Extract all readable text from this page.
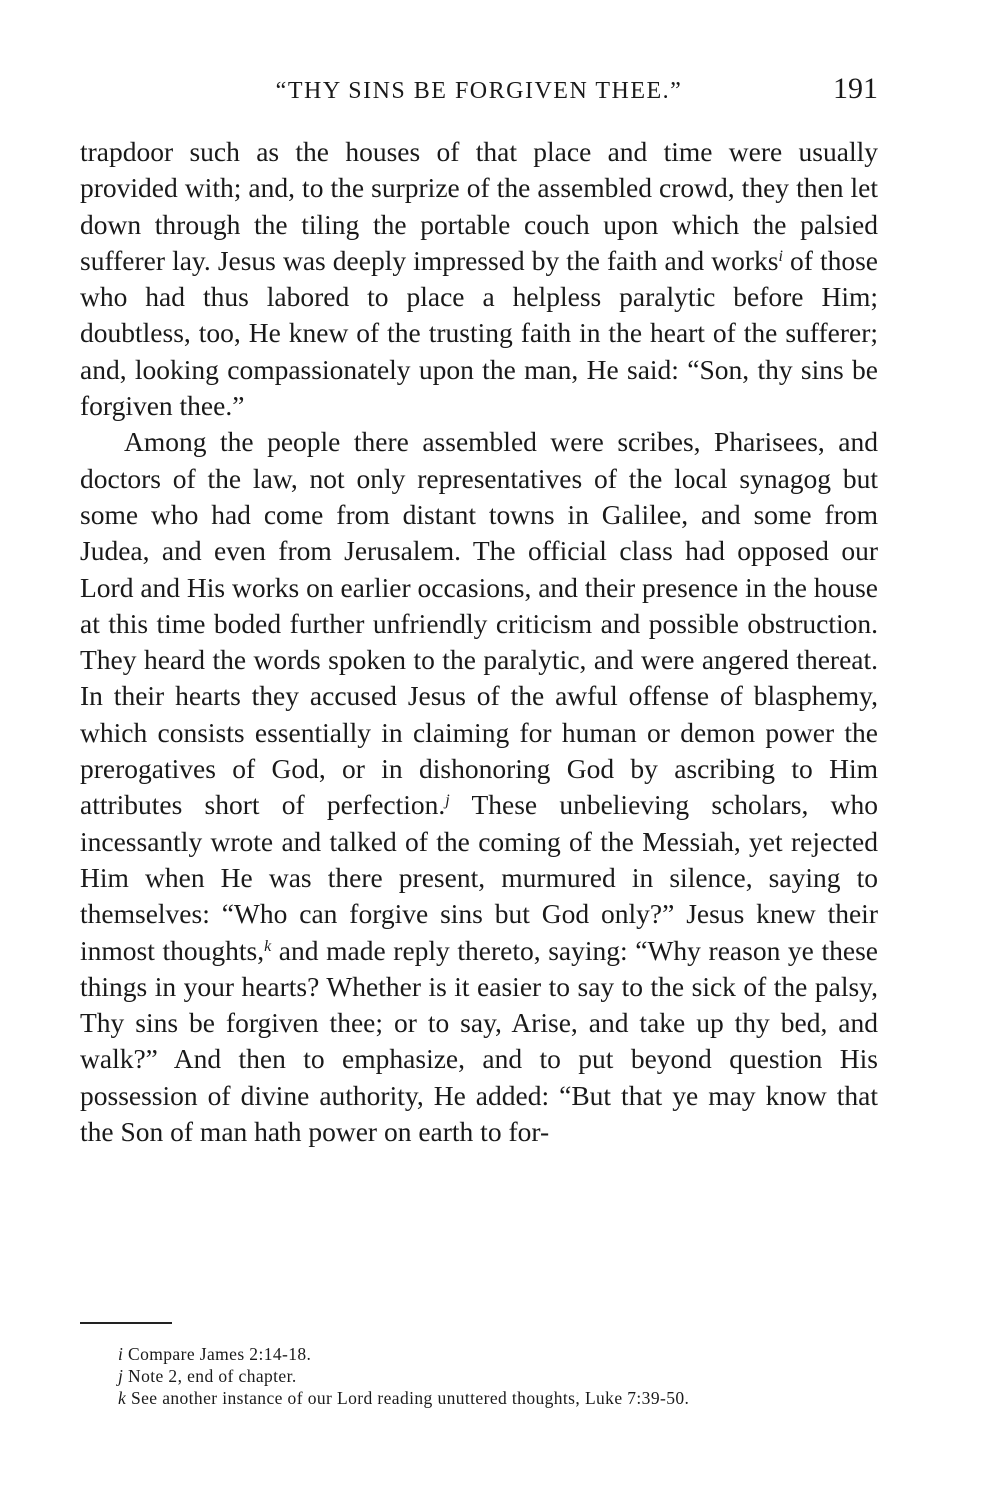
“THY SINS BE FORGIVEN THEE.”	191

trapdoor such as the houses of that place and time were usually provided with; and, to the surprize of the assembled crowd, they then let down through the tiling the portable couch upon which the palsied sufferer lay. Jesus was deeply impressed by the faith and works$^i$ of those who had thus labored to place a helpless paralytic before Him; doubtless, too, He knew of the trusting faith in the heart of the sufferer; and, looking compassionately upon the man, He said: “Son, thy sins be forgiven thee.”

Among the people there assembled were scribes, Pharisees, and doctors of the law, not only representatives of the local synagog but some who had come from distant towns in Galilee, and some from Judea, and even from Jerusalem. The official class had opposed our Lord and His works on earlier occasions, and their presence in the house at this time boded further unfriendly criticism and possible obstruction. They heard the words spoken to the paralytic, and were angered thereat. In their hearts they accused Jesus of the awful offense of blasphemy, which consists essentially in claiming for human or demon power the prerogatives of God, or in dishonoring God by ascribing to Him attributes short of perfection.$^j$ These unbelieving scholars, who incessantly wrote and talked of the coming of the Messiah, yet rejected Him when He was there present, murmured in silence, saying to themselves: “Who can forgive sins but God only?” Jesus knew their inmost thoughts,$^k$ and made reply thereto, saying: “Why reason ye these things in your hearts? Whether is it easier to say to the sick of the palsy, Thy sins be forgiven thee; or to say, Arise, and take up thy bed, and walk?” And then to emphasize, and to put beyond question His possession of divine authority, He added: “But that ye may know that the Son of man hath power on earth to for-

i Compare James 2:14-18.

j Note 2, end of chapter.

k See another instance of our Lord reading unuttered thoughts, Luke 7:39-50.
